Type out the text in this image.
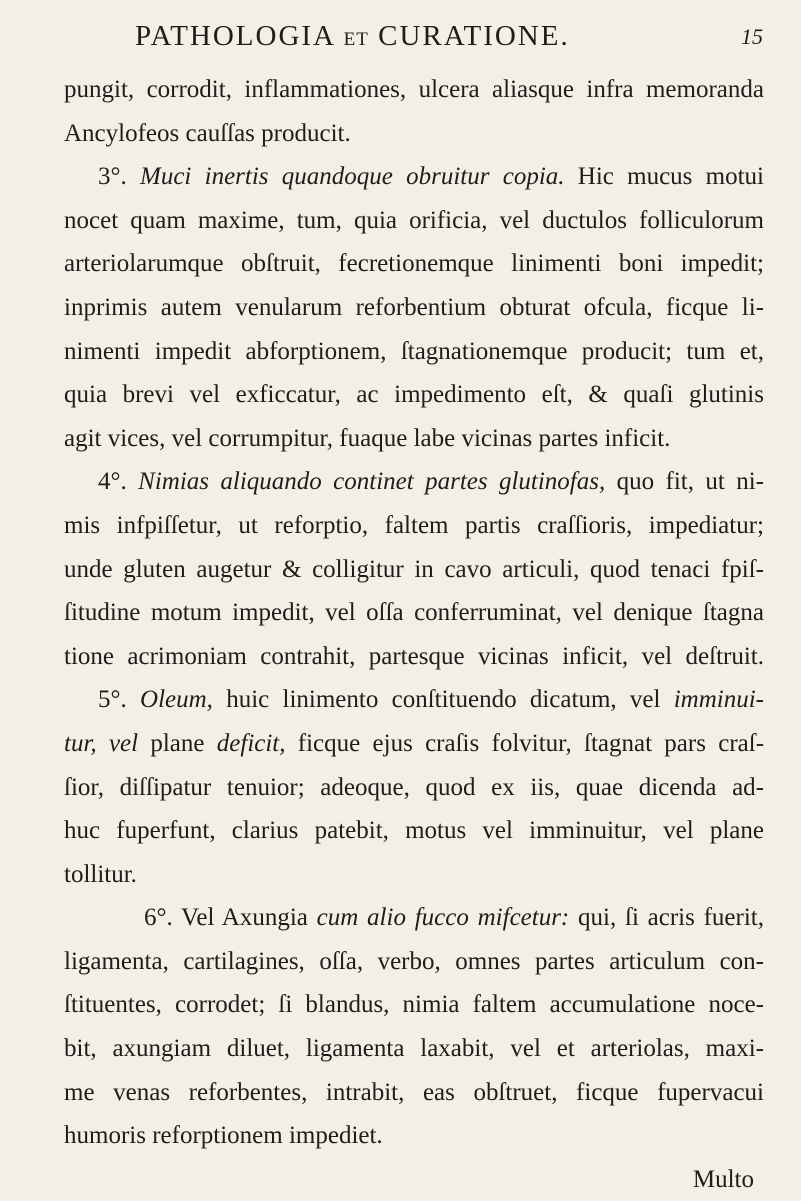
PATHOLOGIA ET CURATIONE.	15
pungit, corrodit, inflammationes, ulcera aliasque infra memoranda
Ancylofeos cauſſas producit.
3°. Muci inertis quandoque obruitur copia. Hic mucus motui
nocet quam maxime, tum, quia orificia, vel ductulos folliculorum
arteriolarumque obſtruit, fecretionemque linimenti boni impedit;
inprimis autem venularum reforbentium obturat ofcula, ficque li-
nimenti impedit abforptionem, ſtagnationemque producit; tum et,
quia brevi vel exficcatur, ac impedimento eſt, & quaſi glutinis
agit vices, vel corrumpitur, fuaque labe vicinas partes inficit.
4°. Nimias aliquando continet partes glutinofas, quo fit, ut ni-
mis infpiſſetur, ut reforptio, faltem partis craſſioris, impediatur;
unde gluten augetur & colligitur in cavo articuli, quod tenaci fpiſ-
ſitudine motum impedit, vel oſſa conferruminat, vel denique ſtagna
tione acrimoniam contrahit, partesque vicinas inficit, vel deſtruit.
5°. Oleum, huic linimento conſtituendo dicatum, vel imminui-
tur, vel plane deficit, ficque ejus craſis folvitur, ſtagnat pars craſ-
ſior, diſſipatur tenuior; adeoque, quod ex iis, quae dicenda ad-
huc fuperfunt, clarius patebit, motus vel imminuitur, vel plane
tollitur.
6°. Vel Axungia cum alio fucco mifcetur: qui, ſi acris fuerit,
ligamenta, cartilagines, oſſa, verbo, omnes partes articulum con-
ſtituentes, corrodet; ſi blandus, nimia faltem accumulatione noce-
bit, axungiam diluet, ligamenta laxabit, vel et arteriolas, maxi-
me venas reforbentes, intrabit, eas obſtruet, ficque fupervacui
humoris reforptionem impediet.
Multo
